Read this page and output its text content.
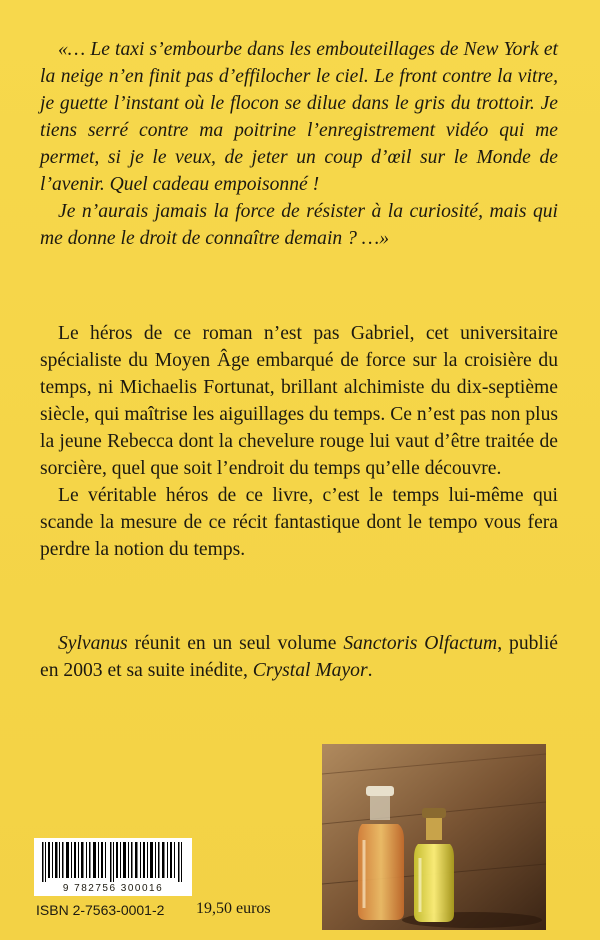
«… Le taxi s’embourbe dans les embouteillages de New York et la neige n’en finit pas d’effilocher le ciel. Le front contre la vitre, je guette l’instant où le flocon se dilue dans le gris du trottoir. Je tiens serré contre ma poitrine l’enregistrement vidéo qui me permet, si je le veux, de jeter un coup d’œil sur le Monde de l’avenir. Quel cadeau empoisonné !

Je n’aurais jamais la force de résister à la curiosité, mais qui me donne le droit de connaître demain ? …»

Le héros de ce roman n’est pas Gabriel, cet universitaire spécialiste du Moyen Âge embarqué de force sur la croisière du temps, ni Michaelis Fortunat, brillant alchimiste du dix-septième siècle, qui maîtrise les aiguillages du temps. Ce n’est pas non plus la jeune Rebecca dont la chevelure rouge lui vaut d’être traitée de sorcière, quel que soit l’endroit du temps qu’elle découvre.

Le véritable héros de ce livre, c’est le temps lui-même qui scande la mesure de ce récit fantastique dont le tempo vous fera perdre la notion du temps.

Sylvanus réunit en un seul volume Sanctoris Olfactum, publié en 2003 et sa suite inédite, Crystal Mayor.

9 782756 300016
ISBN 2-7563-0001-2 19,50 euros
